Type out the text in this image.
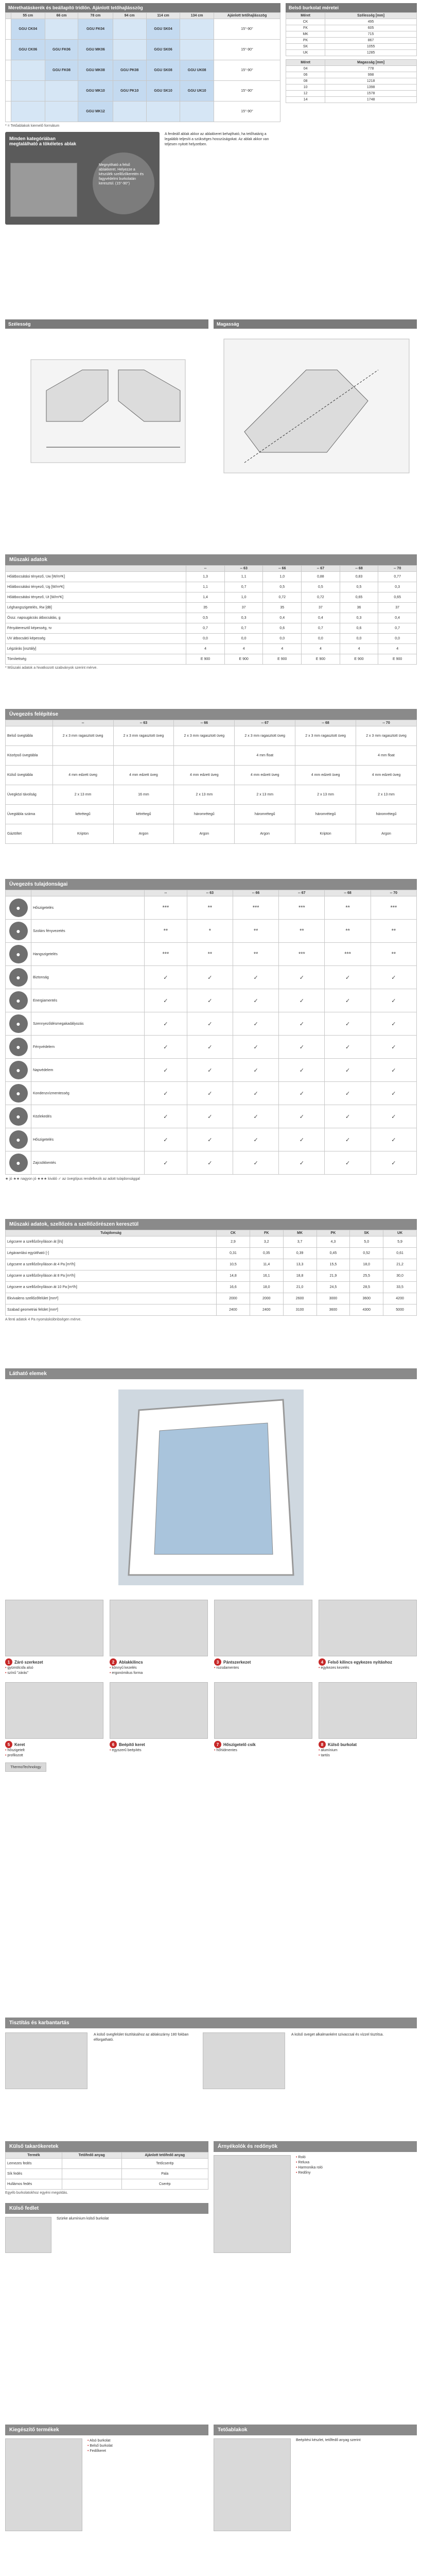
Mérethatáskerék és beállapító tridlön. Ajánlott tetőhajlásszög
	55 cm	66 cm	78 cm	94 cm	114 cm	134 cm	Ajánlott tetőhajlásszög
	GGU CK04		GGU FK04		GGU SK04		15°-90°
	GGU CK06	GGU FK06	GGU MK06		GGU SK06		15°-90°
		GGU FK08	GGU MK08	GGU PK08	GGU SK08	GGU UK08	15°-90°
			GGU MK10	GGU PK10	GGU SK10	GGU UK10	15°-90°
			GGU MK12				15°-90°
* = Tetőablakok kiemelő formátum
Minden kategóriában megtalálható a tökéletes ablak
Megnyitható a felső ablakkeret. Helyezze a készülék szellőzőkeretén és fagyvédelmi burkolatán keresztül. (15°-90°)
A ferdeáll ablak akkor az ablakkeret behajtható, ha tetőhatárig a legalább teljesíti a szükséges hosszúságokat. Az ablak akkor van teljesen nyitott helyzetben.
Belső burkolat méretei
Méret	Szélesség [mm]
CK	495
FK	605
MK	715
PK	867
SK	1055
UK	1285
Méret	Magasság [mm]
04	778
06	998
08	1218
10	1398
12	1578
14	1748
Szélesség	Magasság
Műszaki adatok
	--	-- 63	-- 66	-- 67	-- 68	-- 70
Hőátbocsátási tényező, Uw [W/m²K]	1,3	1,1	1,0	0,88	0,83	0,77
Hőátbocsátási tényező, Ug [W/m²K]	1,1	0,7	0,5	0,5	0,5	0,3
Hőátbocsátási tényező, Ut [W/m²K]	1,4	1,0	0,72	0,72	0,65	0,65
Léghangszigetelés, Rw [dB]	35	37	35	37	36	37
Össz. napsugárzás átbocsátás, g	0,5	0,3	0,4	0,4	0,3	0,4
Fényáteresztő képesség, τv	0,7	0,7	0,6	0,7	0,6	0,7
UV átbocsátó képesség	0,0	0,0	0,0	0,0	0,0	0,0
Légzárás [osztály]	4	4	4	4	4	4
Tömítettség	E 900	E 900	E 900	E 900	E 900	E 900
* Műszaki adatok a hivatkozott szabványok szerint mérve.
Üvegezés felépítése
	--	-- 63	-- 66	-- 67	-- 68	-- 70
Belső üvegtábla	2 x 3 mm ragasztott üveg	2 x 3 mm ragasztott üveg	2 x 3 mm ragasztott üveg	2 x 3 mm ragasztott üveg	2 x 3 mm ragasztott üveg	2 x 3 mm ragasztott üveg
Középső üvegtábla				4 mm float		4 mm float
Külső üvegtábla	4 mm edzett üveg	4 mm edzett üveg	4 mm edzett üveg	4 mm edzett üveg	4 mm edzett üveg	4 mm edzett üveg
Üvegközi távolság	2 x 13 mm	16 mm	2 x 13 mm	2 x 13 mm	2 x 13 mm	2 x 13 mm
Üvegtábla száma	kétrétegű	kétrétegű	háromrétegű	háromrétegű	háromrétegű	háromrétegű
Gáztöltet	Kripton	Argon	Argon	Argon	Kripton	Argon
Üvegezés tulajdonságai
		--	-- 63	-- 66	-- 67	-- 68	-- 70

●	Hőszigetelés	***	**	***	***	**	***

●	Szolárs fényvezetés	**	*	**	**	**	**

●	Hangszigetelés	***	**	**	***	***	**

●	Biztonság	✓	✓	✓	✓	✓	✓

●	Energiamentés	✓	✓	✓	✓	✓	✓

●	Szennyeződésmegakadályozás	✓	✓	✓	✓	✓	✓

●	Fényvédelem	✓	✓	✓	✓	✓	✓

●	Napvédelem	✓	✓	✓	✓	✓	✓

●	Kondenzvízmentesség	✓	✓	✓	✓	✓	✓

●	Közlekedés	✓	✓	✓	✓	✓	✓

●	Hőszigetelés	✓	✓	✓	✓	✓	✓

●	Zajcsökkentés	✓	✓	✓	✓	✓	✓
★ jó ★★ nagyon jó ★★★ kiváló ✓ az üvegtípus rendelkezik az adott tulajdonsággal
Műszaki adatok, szellőzés a szellőzőrészen keresztül
Tulajdonság	CK	FK	MK	PK	SK	UK
Légcsere a szellőzőnyíláson át [l/s]	2,9	3,2	3,7	4,3	5,0	5,9
Légáramlási együttható [-]	0,31	0,35	0,39	0,45	0,52	0,61
Légcsere a szellőzőnyíláson át 4 Pa [m³/h]	10,5	11,4	13,3	15,5	18,0	21,2
Légcsere a szellőzőnyíláson át 8 Pa [m³/h]	14,8	16,1	18,8	21,9	25,5	30,0
Légcsere a szellőzőnyíláson át 10 Pa [m³/h]	16,6	18,0	21,0	24,5	28,5	33,5
Ekvivalens szellőzőfelület [mm²]	2000	2000	2600	3000	3600	4200
Szabad geometriai felület [mm²]	2400	2400	3100	3600	4300	5000
A fenti adatok 4 Pa nyomáskülönbségen mérve.
Látható elemek
1	Záró szerkezet
• gyümölcsfa alsó
• színű "zárás"
2	Ablakkilincs
• könnyű kezelés
• ergonómikus forma
3	Pántszerkezet
• rozsdamentes
4	Felső kilincs egykezes nyitáshoz
• egykezes kezelés
5	Keret
• hőszigetelt
• profilozott
6	Beépítő keret
• egyszerű beépítés
7	Hőszigetelő csík
• hőhídmentes
8	Külső burkolat
• alumínium
• tartós
ThermoTechnology
Tisztítás és karbantartás
A külső üvegfelület tisztításához az ablakszárny 180 fokban elforgatható.
A külső üveget alkalmanként szivaccsal és vízzel tisztítsa.
Külső takarókeretek
Termék	Tetőfedő anyag	Ajánlott tetőfedő anyag
Lemezes fedés		Tetőcserép
Sík fedés		Pala
Hullámos fedés		Cserép
Egyéb burkolatokhoz egyéni megoldás.
Külső fedlet
Szürke alumínium külső burkolat
Árnyékolók és redőnyök
• Roló
• Reluxa
• Harmonika roló
• Redőny
Kiegészítő termékek
• Alsó burkolat
• Belső burkolat
• Fedőkeret
Tetőablakok
Beépítési készlet, tetőfedő anyag szerint
